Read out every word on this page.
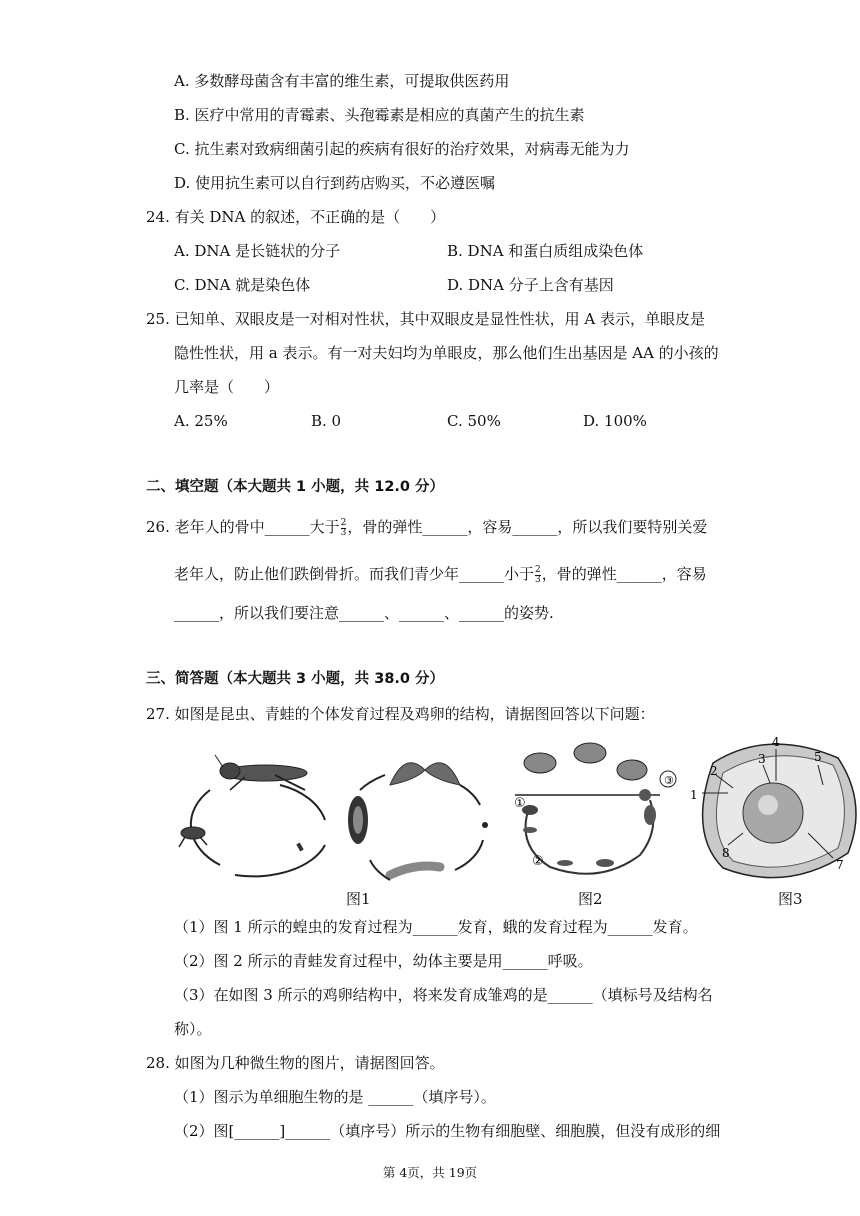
A. 多数酵母菌含有丰富的维生素，可提取供医药用
B. 医疗中常用的青霉素、头孢霉素是相应的真菌产生的抗生素
C. 抗生素对致病细菌引起的疾病有很好的治疗效果，对病毒无能为力
D. 使用抗生素可以自行到药店购买，不必遵医嘱
24. 有关 DNA 的叙述，不正确的是（　　）
A. DNA 是长链状的分子	B. DNA 和蛋白质组成染色体
C. DNA 就是染色体	D. DNA 分子上含有基因
25. 已知单、双眼皮是一对相对性状，其中双眼皮是显性性状，用 A 表示，单眼皮是
隐性性状，用 a 表示。有一对夫妇均为单眼皮，那么他们生出基因是 AA 的小孩的
几率是（　　）
A. 25%	B. 0	C. 50%	D. 100%
二、填空题（本大题共 1 小题，共 12.0 分）
26. 老年人的骨中______大于 $\frac{2}{3}$ ，骨的弹性______，容易______，所以我们要特别关爱
老年人，防止他们跌倒骨折。而我们青少年______小于 $\frac{2}{3}$ ，骨的弹性______，容易
______，所以我们要注意______、______、______的姿势.
三、简答题（本大题共 3 小题，共 38.0 分）
27. 如图是昆虫、青蛙的个体发育过程及鸡卵的结构，请据图回答以下问题：
图1
③
①
②
图2
1
2
3
4
5
7
8
图3
（1）图 1 所示的蝗虫的发育过程为______发育，蛾的发育过程为______发育。
（2）图 2 所示的青蛙发育过程中，幼体主要是用______呼吸。
（3）在如图 3 所示的鸡卵结构中，将来发育成雏鸡的是______（填标号及结构名
称）。
28. 如图为几种微生物的图片，请据图回答。
（1）图示为单细胞生物的是 ______（填序号）。
（2）图[______]______（填序号）所示的生物有细胞壁、细胞膜，但没有成形的细
第 4页，共 19页
